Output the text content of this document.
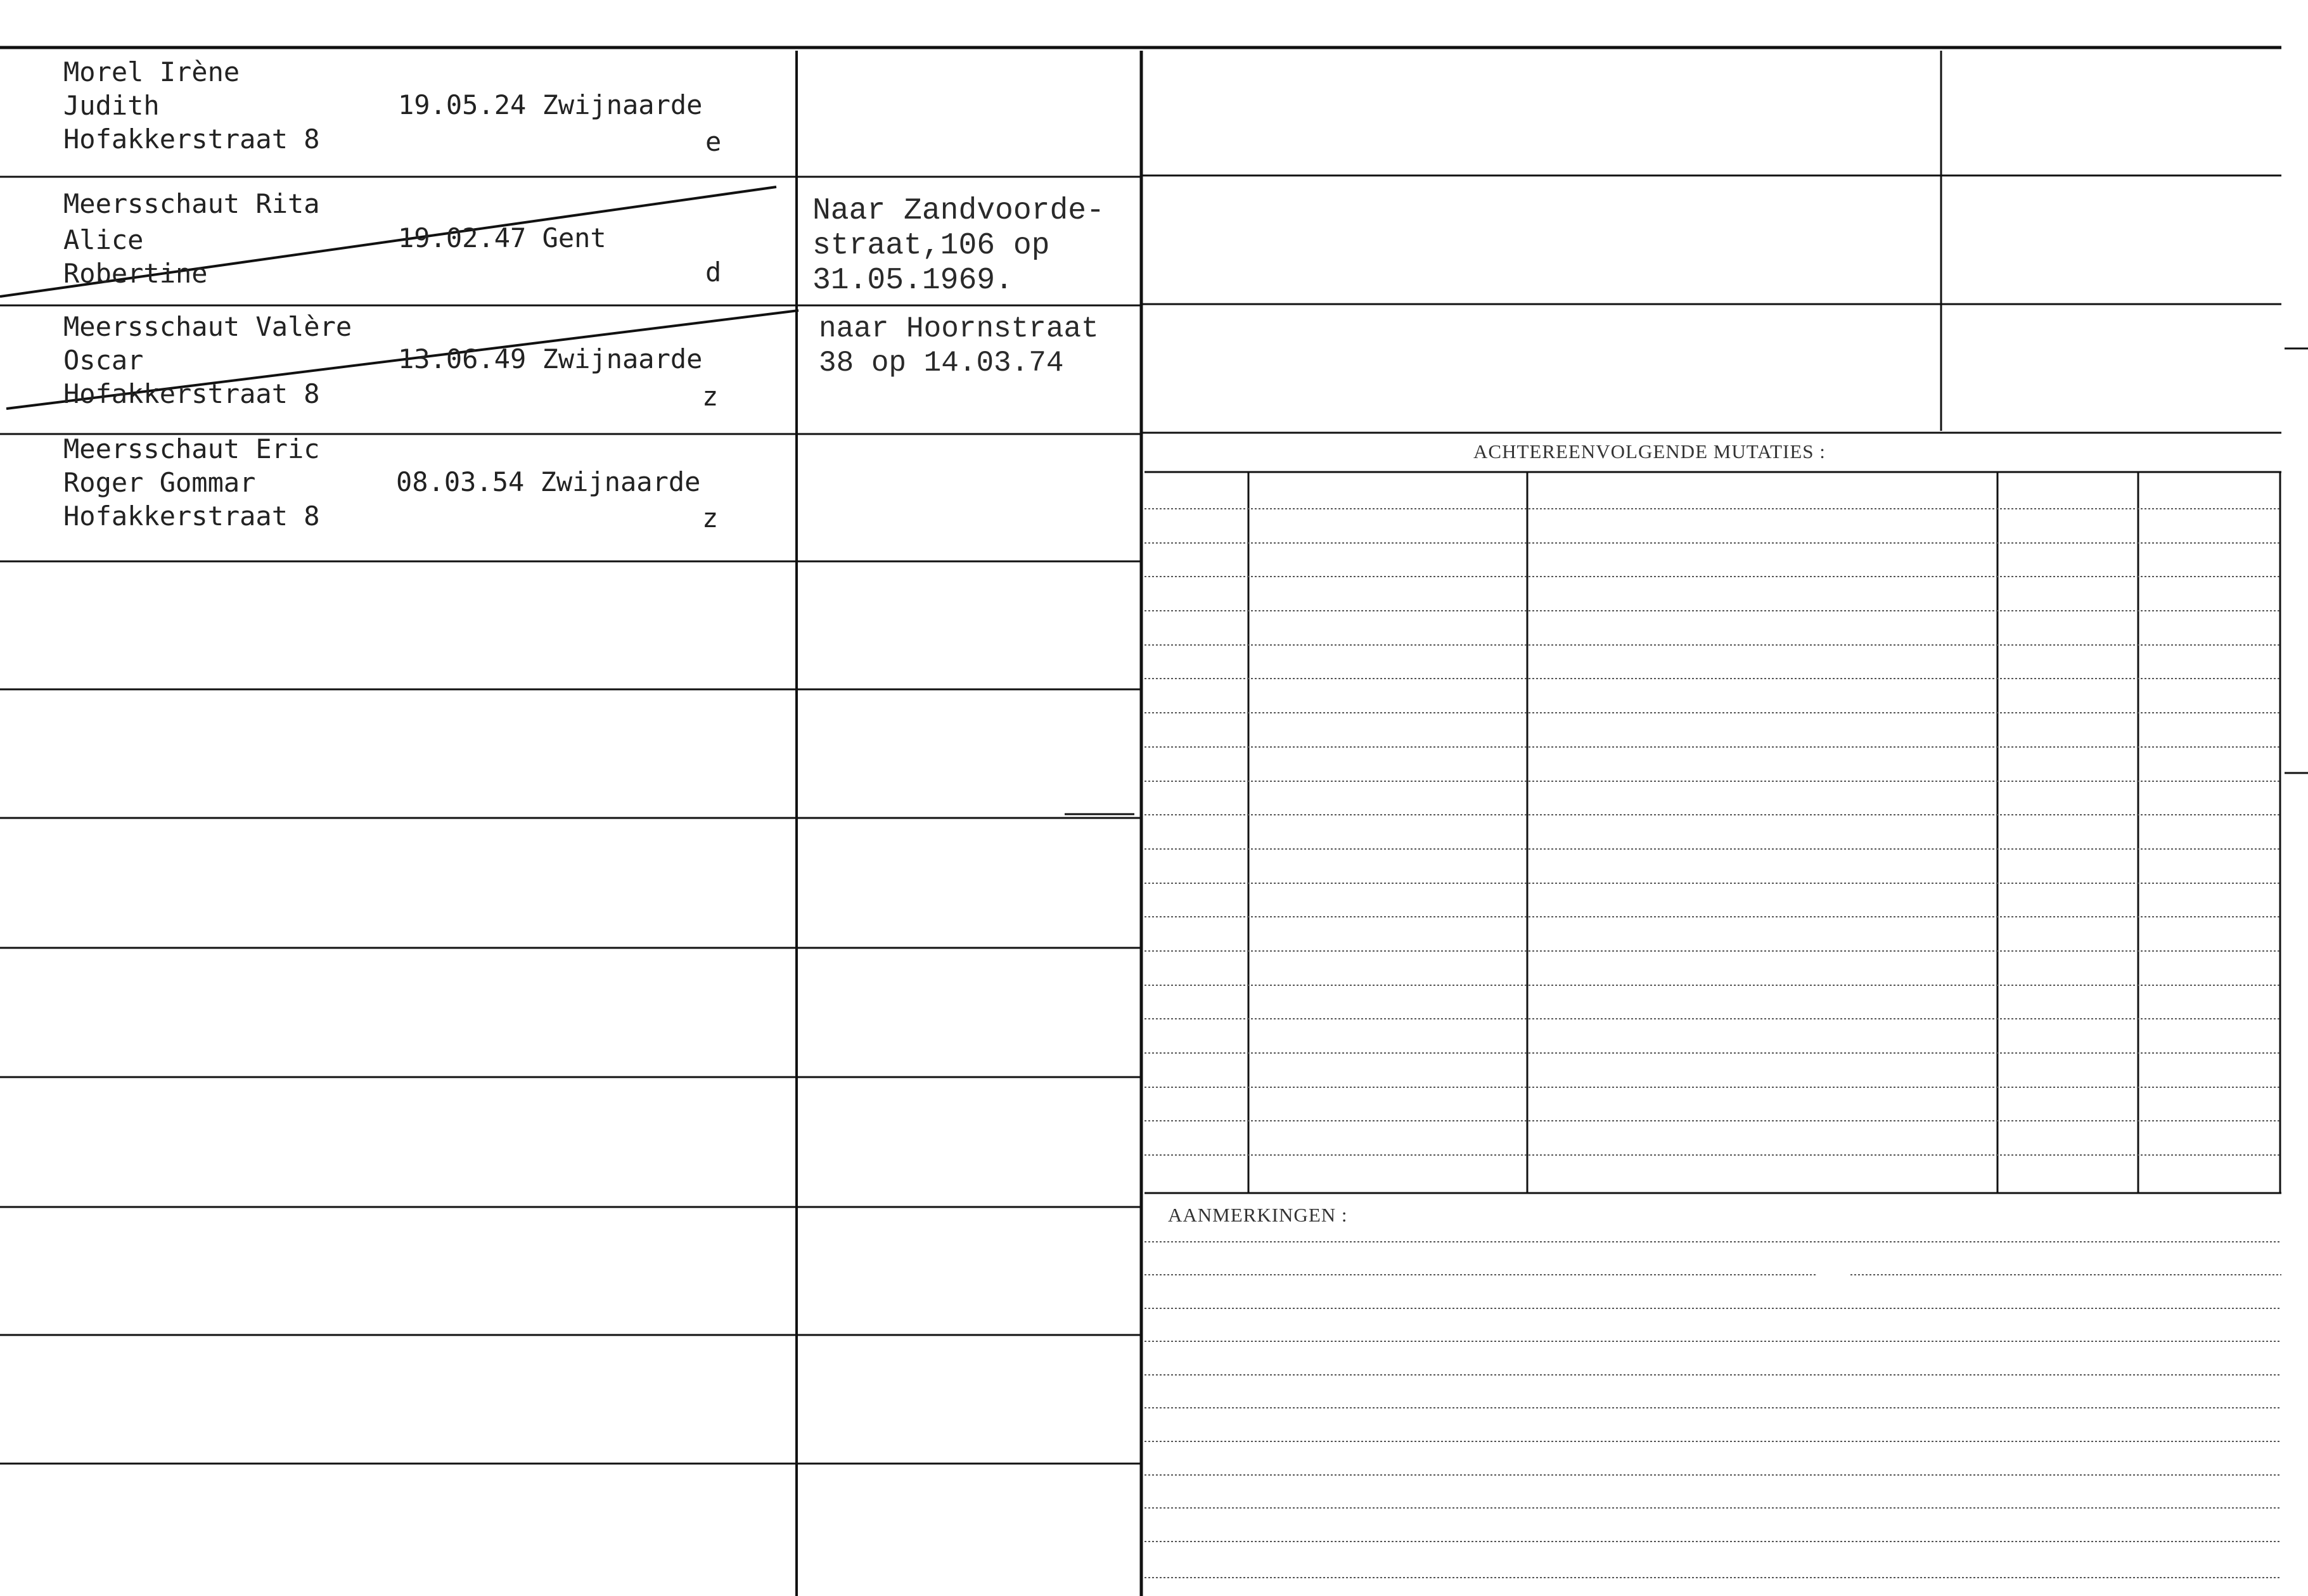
Morel Irène
Judith
Hofakkerstraat 8
19.05.24 Zwijnaarde
e
Meersschaut Rita
Alice
Robertine
19.02.47 Gent
d
Naar Zandvoorde-
straat,106 op
31.05.1969.
Meersschaut Valère
Oscar
Hofakkerstraat 8
13.06.49 Zwijnaarde
z
naar Hoornstraat
38 op 14.03.74
Meersschaut Eric
Roger Gommar
Hofakkerstraat 8
08.03.54 Zwijnaarde
z
ACHTEREENVOLGENDE MUTATIES :
AANMERKINGEN :
